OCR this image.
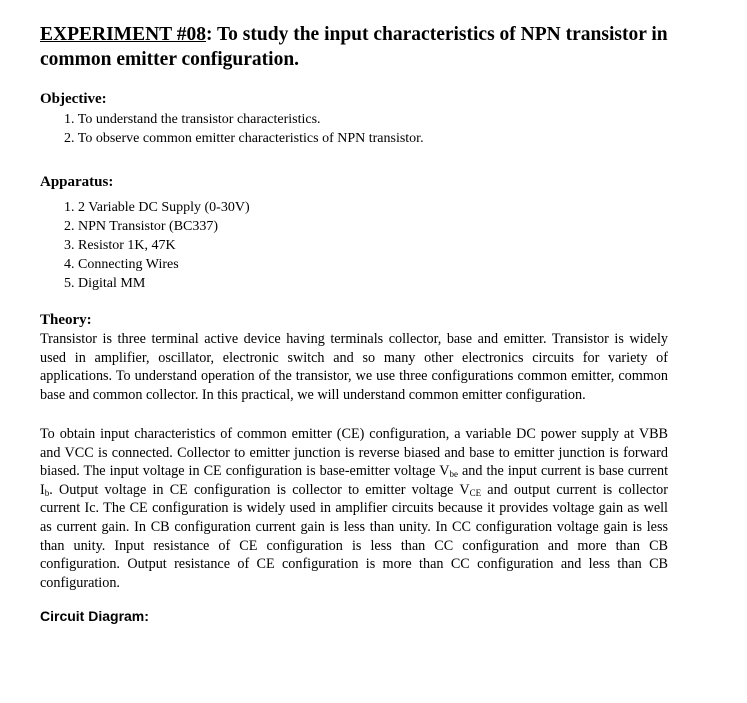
EXPERIMENT #08: To study the input characteristics of NPN transistor in common emitter configuration.
Objective:
1. To understand the transistor characteristics.
2. To observe common emitter characteristics of NPN transistor.
Apparatus:
1. 2 Variable DC Supply (0-30V)
2. NPN Transistor (BC337)
3. Resistor 1K, 47K
4. Connecting Wires
5. Digital MM
Theory:

Transistor is three terminal active device having terminals collector, base and emitter. Transistor is widely used in amplifier, oscillator, electronic switch and so many other electronics circuits for variety of applications. To understand operation of the transistor, we use three configurations common emitter, common base and common collector. In this practical, we will understand common emitter configuration.

To obtain input characteristics of common emitter (CE) configuration, a variable DC power supply at VBB and VCC is connected. Collector to emitter junction is reverse biased and base to emitter junction is forward biased. The input voltage in CE configuration is base-emitter voltage $V_{be}$ and the input current is base current $I_b$. Output voltage in CE configuration is collector to emitter voltage $V_{CE}$ and output current is collector current Ic. The CE configuration is widely used in amplifier circuits because it provides voltage gain as well as current gain. In CB configuration current gain is less than unity. In CC configuration voltage gain is less than unity. Input resistance of CE configuration is less than CC configuration and more than CB configuration. Output resistance of CE configuration is more than CC configuration and less than CB configuration.

Circuit Diagram:
